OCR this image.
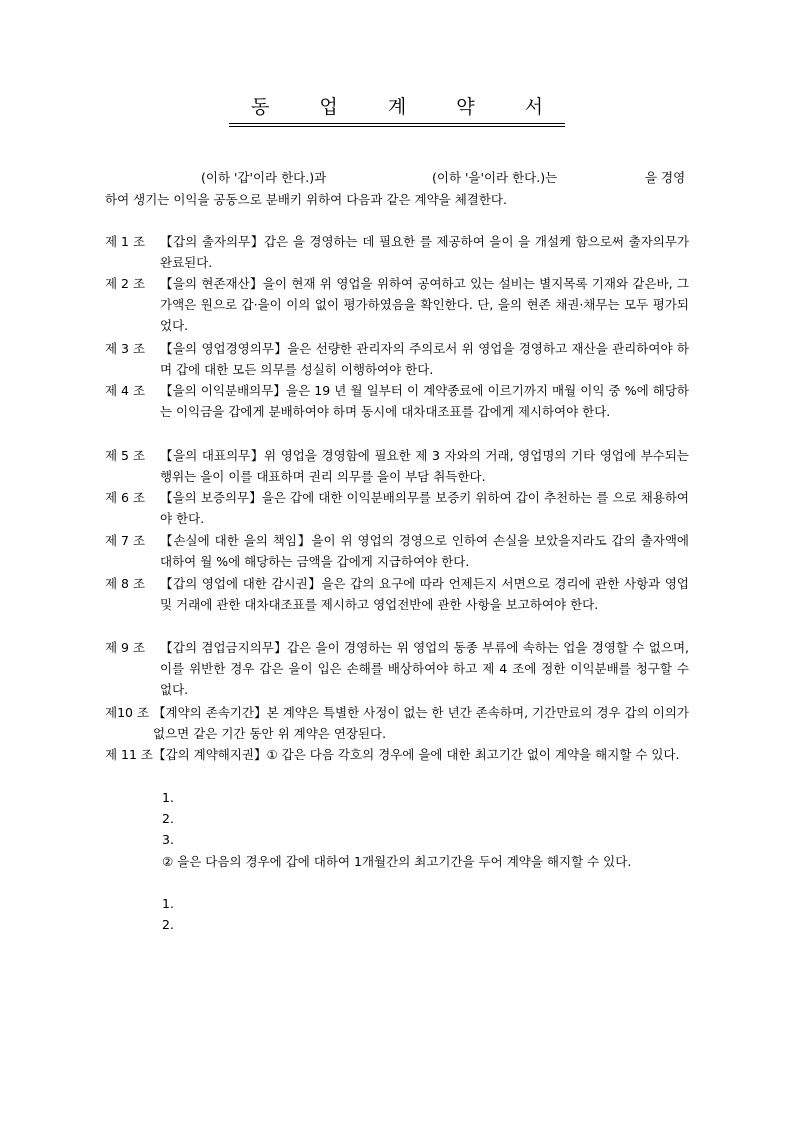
동 업 계 약 서
(이하 '갑'이라 한다.)과	(이하 '을'이라 한다.)는	을 경영
하여 생기는 이익을 공동으로 분배키 위하여 다음과 같은 계약을 체결한다.
제 1 조 【갑의 출자의무】갑은 을 경영하는 데 필요한 를 제공하여 을이 을 개설케 함으로써 출자의무가 완료된다.
제 2 조 【을의 현존재산】을이 현재 위 영업을 위하여 공여하고 있는 설비는 별지목록 기재와 같은바, 그 가액은 원으로 갑·을이 이의 없이 평가하였음을 확인한다. 단, 을의 현존 채권·채무는 모두 평가되었다.
제 3 조 【을의 영업경영의무】을은 선량한 관리자의 주의로서 위 영업을 경영하고 재산을 관리하여야 하며 갑에 대한 모든 의무를 성실히 이행하여야 한다.
제 4 조 【을의 이익분배의무】을은 19 년 월 일부터 이 계약종료에 이르기까지 매월 이익 중 %에 해당하는 이익금을 갑에게 분배하여야 하며 동시에 대차대조표를 갑에게 제시하여야 한다.
제 5 조 【을의 대표의무】위 영업을 경영함에 필요한 제 3 자와의 거래, 영업명의 기타 영업에 부수되는 행위는 을이 이를 대표하며 권리 의무를 을이 부담 취득한다.
제 6 조 【을의 보증의무】을은 갑에 대한 이익분배의무를 보증키 위하여 갑이 추천하는 를 으로 채용하여야 한다.
제 7 조 【손실에 대한 을의 책임】을이 위 영업의 경영으로 인하여 손실을 보았을지라도 갑의 출자액에 대하여 월 %에 해당하는 금액을 갑에게 지급하여야 한다.
제 8 조 【갑의 영업에 대한 감시권】을은 갑의 요구에 따라 언제든지 서면으로 경리에 관한 사항과 영업 및 거래에 관한 대차대조표를 제시하고 영업전반에 관한 사항을 보고하여야 한다.
제 9 조 【갑의 겸업금지의무】갑은 을이 경영하는 위 영업의 동종 부류에 속하는 업을 경영할 수 없으며, 이를 위반한 경우 갑은 을이 입은 손해를 배상하여야 하고 제 4 조에 정한 이익분배를 청구할 수 없다.
제10 조 【계약의 존속기간】본 계약은 특별한 사정이 없는 한 년간 존속하며, 기간만료의 경우 갑의 이의가 없으면 같은 기간 동안 위 계약은 연장된다.
제 11 조 【갑의 계약해지권】① 갑은 다음 각호의 경우에 을에 대한 최고기간 없이 계약을 해지할 수 있다.
1.
2.
3.
② 을은 다음의 경우에 갑에 대하여 1개월간의 최고기간을 두어 계약을 해지할 수 있다.
1.
2.
